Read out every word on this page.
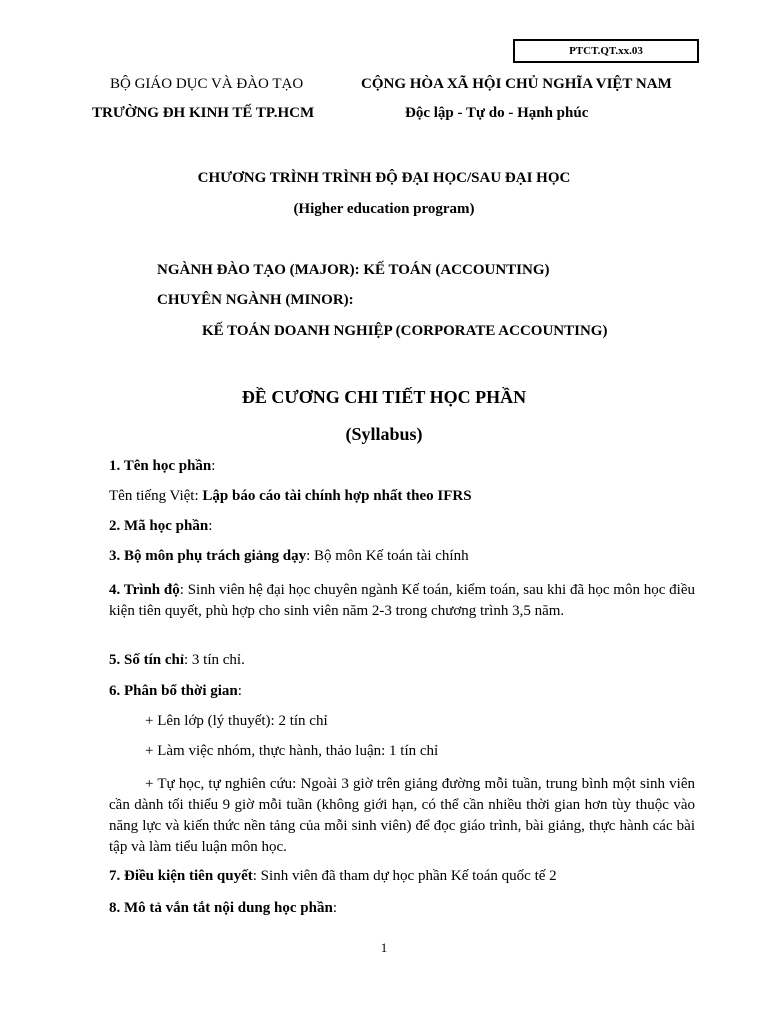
PTCT.QT.xx.03
BỘ GIÁO DỤC VÀ ĐÀO TẠO
TRƯỜNG ĐH KINH TẾ TP.HCM
CỘNG HÒA XÃ HỘI CHỦ NGHĨA VIỆT NAM
Độc lập - Tự do - Hạnh phúc
CHƯƠNG TRÌNH TRÌNH ĐỘ ĐẠI HỌC/SAU ĐẠI HỌC
(Higher education program)
NGÀNH ĐÀO TẠO (MAJOR): KẾ TOÁN (ACCOUNTING)
CHUYÊN NGÀNH (MINOR):
KẾ TOÁN DOANH NGHIỆP (CORPORATE ACCOUNTING)
ĐỀ CƯƠNG CHI TIẾT HỌC PHẦN
(Syllabus)
1. Tên học phần:
Tên tiếng Việt: Lập báo cáo tài chính hợp nhất theo IFRS
2. Mã học phần:
3. Bộ môn phụ trách giảng dạy: Bộ môn Kế toán tài chính
4. Trình độ: Sinh viên hệ đại học chuyên ngành Kế toán, kiểm toán, sau khi đã học môn học điều kiện tiên quyết, phù hợp cho sinh viên năm 2-3 trong chương trình 3,5 năm.
5. Số tín chỉ: 3 tín chỉ.
6. Phân bổ thời gian:
+ Lên lớp (lý thuyết): 2 tín chỉ
+ Làm việc nhóm, thực hành, thảo luận: 1 tín chỉ
+ Tự học, tự nghiên cứu: Ngoài 3 giờ trên giảng đường mỗi tuần, trung bình một sinh viên cần dành tối thiểu 9 giờ mỗi tuần (không giới hạn, có thể cần nhiều thời gian hơn tùy thuộc vào năng lực và kiến thức nền tảng của mỗi sinh viên) để đọc giáo trình, bài giảng, thực hành các bài tập và làm tiểu luận môn học.
7. Điều kiện tiên quyết: Sinh viên đã tham dự học phần Kế toán quốc tế 2
8. Mô tả vắn tắt nội dung học phần:
1
